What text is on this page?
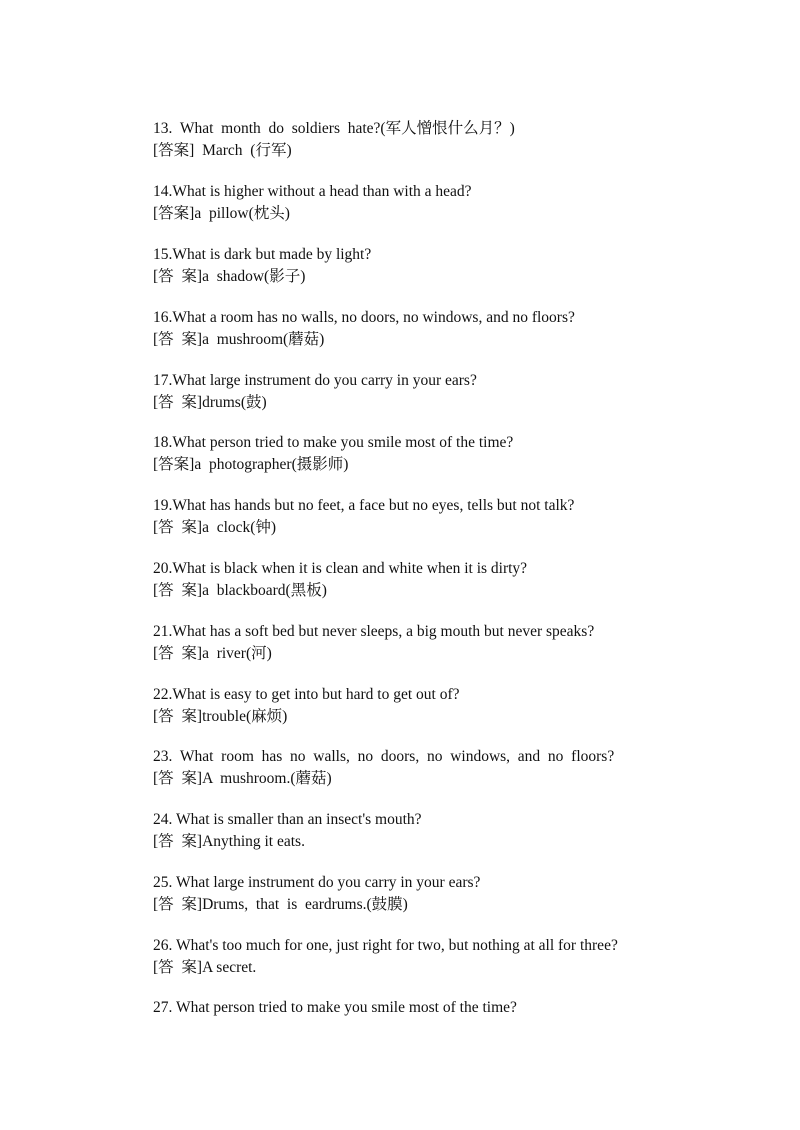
13.  What  month  do  soldiers  hate?(军人憎恨什么月？)

[答案]  March  (行军)

14.What is higher without a head than with a head?

[答案]a  pillow(枕头)

15.What is dark but made by light?

[答  案]a  shadow(影子)

16.What a room has no walls, no doors, no windows, and no floors?

[答  案]a  mushroom(蘑菇)

17.What large instrument do you carry in your ears?

[答  案]drums(鼓)

18.What person tried to make you smile most of the time?

[答案]a  photographer(摄影师)

19.What has hands but no feet, a face but no eyes, tells but not talk?

[答  案]a  clock(钟)

20.What is black when it is clean and white when it is dirty?

[答  案]a  blackboard(黑板)

21.What has a soft bed but never sleeps, a big mouth but never speaks?

[答  案]a  river(河)

22.What is easy to get into but hard to get out of?

[答  案]trouble(麻烦)

23.  What  room  has  no  walls,  no  doors,  no  windows,  and  no  floors?

[答  案]A  mushroom.(蘑菇)

24. What is smaller than an insect's mouth?

[答  案]Anything it eats.

25. What large instrument do you carry in your ears?

[答  案]Drums,  that  is  eardrums.(鼓膜)

26. What's too much for one, just right for two, but nothing at all for three?

[答  案]A secret.

27. What person tried to make you smile most of the time?
